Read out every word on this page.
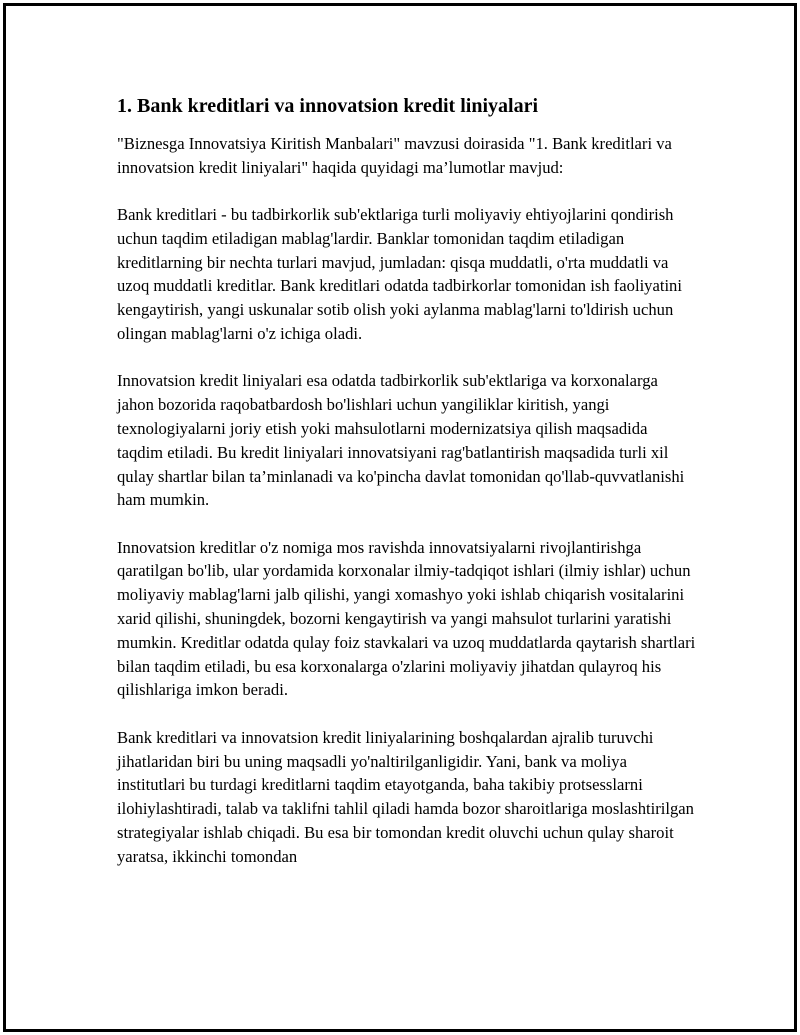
1. Bank kreditlari va innovatsion kredit liniyalari

"Biznesga Innovatsiya Kiritish Manbalari" mavzusi doirasida "1. Bank kreditlari va innovatsion kredit liniyalari" haqida quyidagi ma’lumotlar mavjud:

Bank kreditlari - bu tadbirkorlik sub'ektlariga turli moliyaviy ehtiyojlarini qondirish uchun taqdim etiladigan mablag'lardir. Banklar tomonidan taqdim etiladigan kreditlarning bir nechta turlari mavjud, jumladan: qisqa muddatli, o'rta muddatli va uzoq muddatli kreditlar. Bank kreditlari odatda tadbirkorlar tomonidan ish faoliyatini kengaytirish, yangi uskunalar sotib olish yoki aylanma mablag'larni to'ldirish uchun olingan mablag'larni o'z ichiga oladi.

Innovatsion kredit liniyalari esa odatda tadbirkorlik sub'ektlariga va korxonalarga jahon bozorida raqobatbardosh bo'lishlari uchun yangiliklar kiritish, yangi texnologiyalarni joriy etish yoki mahsulotlarni modernizatsiya qilish maqsadida taqdim etiladi. Bu kredit liniyalari innovatsiyani rag'batlantirish maqsadida turli xil qulay shartlar bilan ta’minlanadi va ko'pincha davlat tomonidan qo'llab-quvvatlanishi ham mumkin.

Innovatsion kreditlar o'z nomiga mos ravishda innovatsiyalarni rivojlantirishga qaratilgan bo'lib, ular yordamida korxonalar ilmiy-tadqiqot ishlari (ilmiy ishlar) uchun moliyaviy mablag'larni jalb qilishi, yangi xomashyo yoki ishlab chiqarish vositalarini xarid qilishi, shuningdek, bozorni kengaytirish va yangi mahsulot turlarini yaratishi mumkin. Kreditlar odatda qulay foiz stavkalari va uzoq muddatlarda qaytarish shartlari bilan taqdim etiladi, bu esa korxonalarga o'zlarini moliyaviy jihatdan qulayroq his qilishlariga imkon beradi.

Bank kreditlari va innovatsion kredit liniyalarining boshqalardan ajralib turuvchi jihatlaridan biri bu uning maqsadli yo'naltirilganligidir. Yani, bank va moliya institutlari bu turdagi kreditlarni taqdim etayotganda, baha takibiy protsesslarni ilohiylashtiradi, talab va taklifni tahlil qiladi hamda bozor sharoitlariga moslashtirilgan strategiyalar ishlab chiqadi. Bu esa bir tomondan kredit oluvchi uchun qulay sharoit yaratsa, ikkinchi tomondan
